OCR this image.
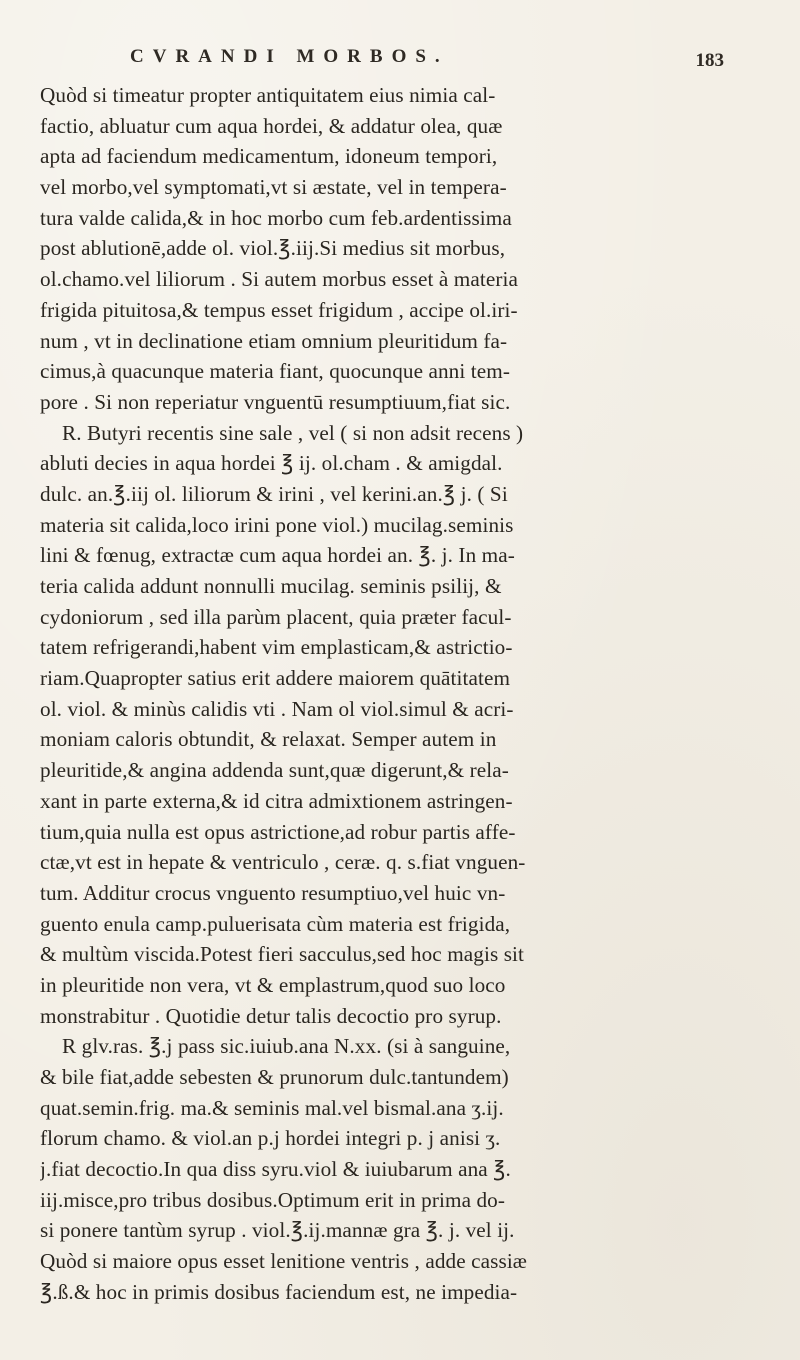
CVRANDI MORBOS.	183
Quòd si timeatur propter antiquitatem eius nimia cal-
factio, abluatur cum aqua hordei, & addatur olea, quæ
apta ad faciendum medicamentum, idoneum tempori,
vel morbo,vel symptomati,vt si æstate, vel in tempera-
tura valde calida,& in hoc morbo cum feb.ardentissima
post ablutionē,adde ol. viol.℥.iij.Si medius sit morbus,
ol.chamo.vel liliorum . Si autem morbus esset à materia
frigida pituitosa,& tempus esset frigidum , accipe ol.iri-
num , vt in declinatione etiam omnium pleuritidum fa-
cimus,à quacunque materia fiant, quocunque anni tem-
pore . Si non reperiatur vnguentū resumptiuum,fiat sic.
R. Butyri recentis sine sale , vel ( si non adsit recens )
abluti decies in aqua hordei ℥ ij. ol.cham . & amigdal.
dulc. an.℥.iij ol. liliorum & irini , vel kerini.an.℥ j. ( Si
materia sit calida,loco irini pone viol.) mucilag.seminis
lini & fœnug, extractæ cum aqua hordei an. ℥. j. In ma-
teria calida addunt nonnulli mucilag. seminis psilij, &
cydoniorum , sed illa parùm placent, quia præter facul-
tatem refrigerandi,habent vim emplasticam,& astrictio-
riam.Quapropter satius erit addere maiorem quātitatem
ol. viol. & minùs calidis vti . Nam ol viol.simul & acri-
moniam caloris obtundit, & relaxat. Semper autem in
pleuritide,& angina addenda sunt,quæ digerunt,& rela-
xant in parte externa,& id citra admixtionem astringen-
tium,quia nulla est opus astrictione,ad robur partis affe-
ctæ,vt est in hepate & ventriculo , ceræ. q. s.fiat vnguen-
tum. Additur crocus vnguento resumptiuo,vel huic vn-
guento enula camp.puluerisata cùm materia est frigida,
& multùm viscida.Potest fieri sacculus,sed hoc magis sit
in pleuritide non vera, vt & emplastrum,quod suo loco
monstrabitur . Quotidie detur talis decoctio pro syrup.
R glv.ras. ℥.j pass sic.iuiub.ana N.xx. (si à sanguine,
& bile fiat,adde sebesten & prunorum dulc.tantundem)
quat.semin.frig. ma.& seminis mal.vel bismal.ana ʒ.ij.
florum chamo. & viol.an p.j hordei integri p. j anisi ʒ.
j.fiat decoctio.In qua diss syru.viol & iuiubarum ana ℥.
iij.misce,pro tribus dosibus.Optimum erit in prima do-
si ponere tantùm syrup . viol.℥.ij.mannæ gra ℥. j. vel ij.
Quòd si maiore opus esset lenitione ventris , adde cassiæ
℥.ß.& hoc in primis dosibus faciendum est, ne impedia-
